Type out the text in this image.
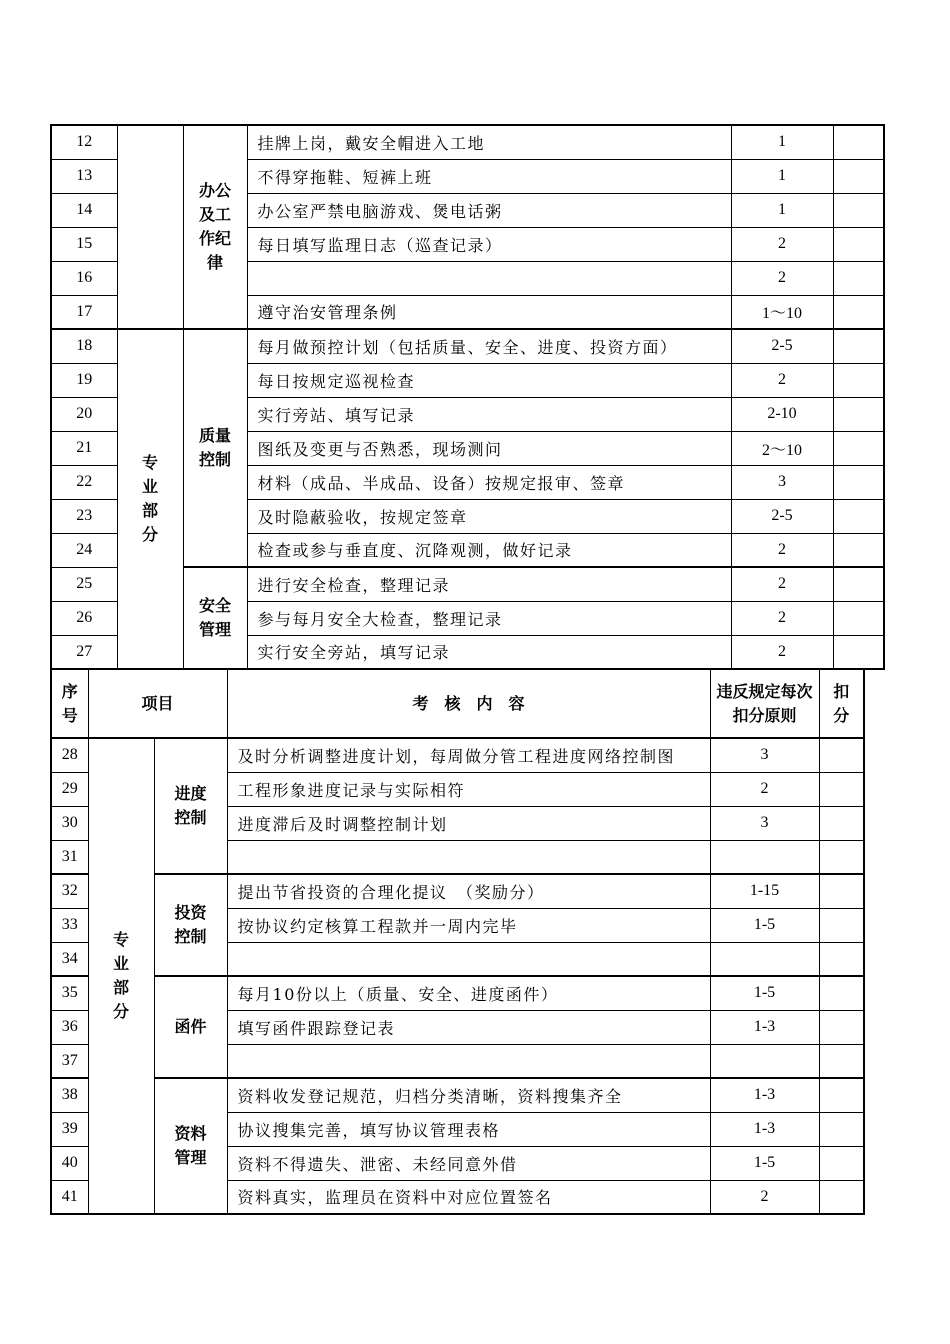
12		办公及工作纪律	挂牌上岗，戴安全帽进入工地	1	
13			不得穿拖鞋、短裤上班	1	
14			办公室严禁电脑游戏、煲电话粥	1	
15			每日填写监理日志（巡查记录）	2	
16				2	
17			遵守治安管理条例	1～10	
18	专业部分	质量控制	每月做预控计划（包括质量、安全、进度、投资方面）	2-5	
19			每日按规定巡视检查	2	
20			实行旁站、填写记录	2-10	
21			图纸及变更与否熟悉，现场测问	2～10	
22			材料（成品、半成品、设备）按规定报审、签章	3	
23			及时隐蔽验收，按规定签章	2-5	
24			检查或参与垂直度、沉降观测，做好记录	2	
25		安全管理	进行安全检查，整理记录	2	
26			参与每月安全大检查，整理记录	2	
27			实行安全旁站，填写记录	2	
序号	项目		考　核　内　容	违反规定每次扣分原则	扣分
28	专业部分	进度控制	及时分析调整进度计划，每周做分管工程进度网络控制图	3	
29			工程形象进度记录与实际相符	2	
30			进度滞后及时调整控制计划	3	
31					
32		投资控制	提出节省投资的合理化提议　（奖励分）	1-15	
33			按协议约定核算工程款并一周内完毕	1-5	
34					
35		函件	每月10份以上（质量、安全、进度函件）	1-5	
36			填写函件跟踪登记表	1-3	
37					
38		资料管理	资料收发登记规范，归档分类清晰，资料搜集齐全	1-3	
39			协议搜集完善，填写协议管理表格	1-3	
40			资料不得遗失、泄密、未经同意外借	1-5	
41			资料真实，监理员在资料中对应位置签名	2	
